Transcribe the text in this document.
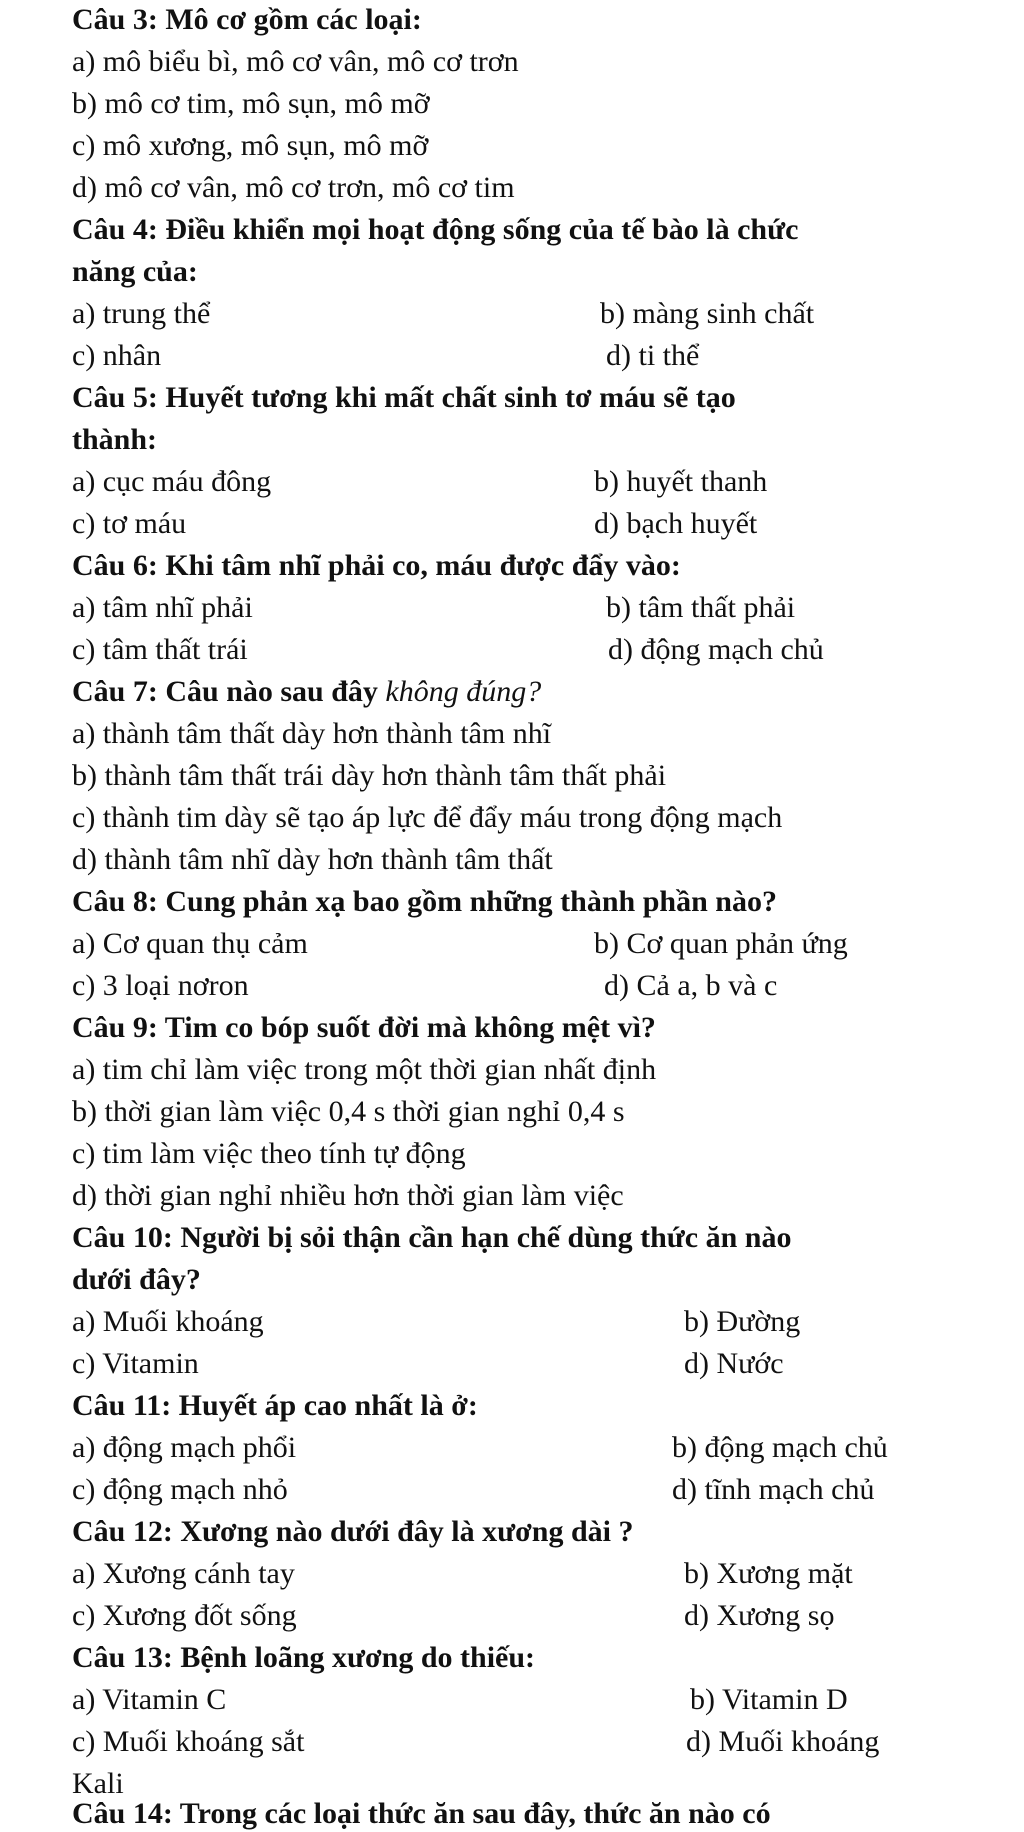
Câu 3: Mô cơ gồm các loại:
a) mô biểu bì, mô cơ vân, mô cơ trơn
b) mô cơ tim, mô sụn, mô mỡ
c) mô xương, mô sụn, mô mỡ
d) mô cơ vân, mô cơ trơn, mô cơ tim
Câu 4: Điều khiển mọi hoạt động sống của tế bào là chức
năng của:
a) trung thể	b) màng sinh chất
c) nhân	d) ti thể
Câu 5: Huyết tương khi mất chất sinh tơ máu sẽ tạo
thành:
a) cục máu đông	b) huyết thanh
c) tơ máu	d) bạch huyết
Câu 6: Khi tâm nhĩ phải co, máu được đẩy vào:
a) tâm nhĩ phải	b) tâm thất phải
c) tâm thất trái	d) động mạch chủ
Câu 7: Câu nào sau đây không đúng?
a) thành tâm thất dày hơn thành tâm nhĩ
b) thành tâm thất trái dày hơn thành tâm thất phải
c) thành tim dày sẽ tạo áp lực để đẩy máu trong động mạch
d) thành tâm nhĩ dày hơn thành tâm thất
Câu 8: Cung phản xạ bao gồm những thành phần nào?
a) Cơ quan thụ cảm	b) Cơ quan phản ứng
c) 3 loại nơron	d) Cả a, b và c
Câu 9: Tim co bóp suốt đời mà không mệt vì?
a) tim chỉ làm việc trong một thời gian nhất định
b) thời gian làm việc 0,4 s thời gian nghỉ 0,4 s
c) tim làm việc theo tính tự động
d) thời gian nghỉ nhiều hơn thời gian làm việc
Câu 10: Người bị sỏi thận cần hạn chế dùng thức ăn nào
dưới đây?
a) Muối khoáng	b) Đường
c) Vitamin	d) Nước
Câu 11: Huyết áp cao nhất là ở:
a) động mạch phổi	b) động mạch chủ
c) động mạch nhỏ	d) tĩnh mạch chủ
Câu 12: Xương nào dưới đây là xương dài ?
a) Xương cánh tay	b) Xương mặt
c) Xương đốt sống	d) Xương sọ
Câu 13: Bệnh loãng xương do thiếu:
a) Vitamin C	b) Vitamin D
c) Muối khoáng sắt	d) Muối khoáng
Kali
Câu 14: Trong các loại thức ăn sau đây, thức ăn nào có
